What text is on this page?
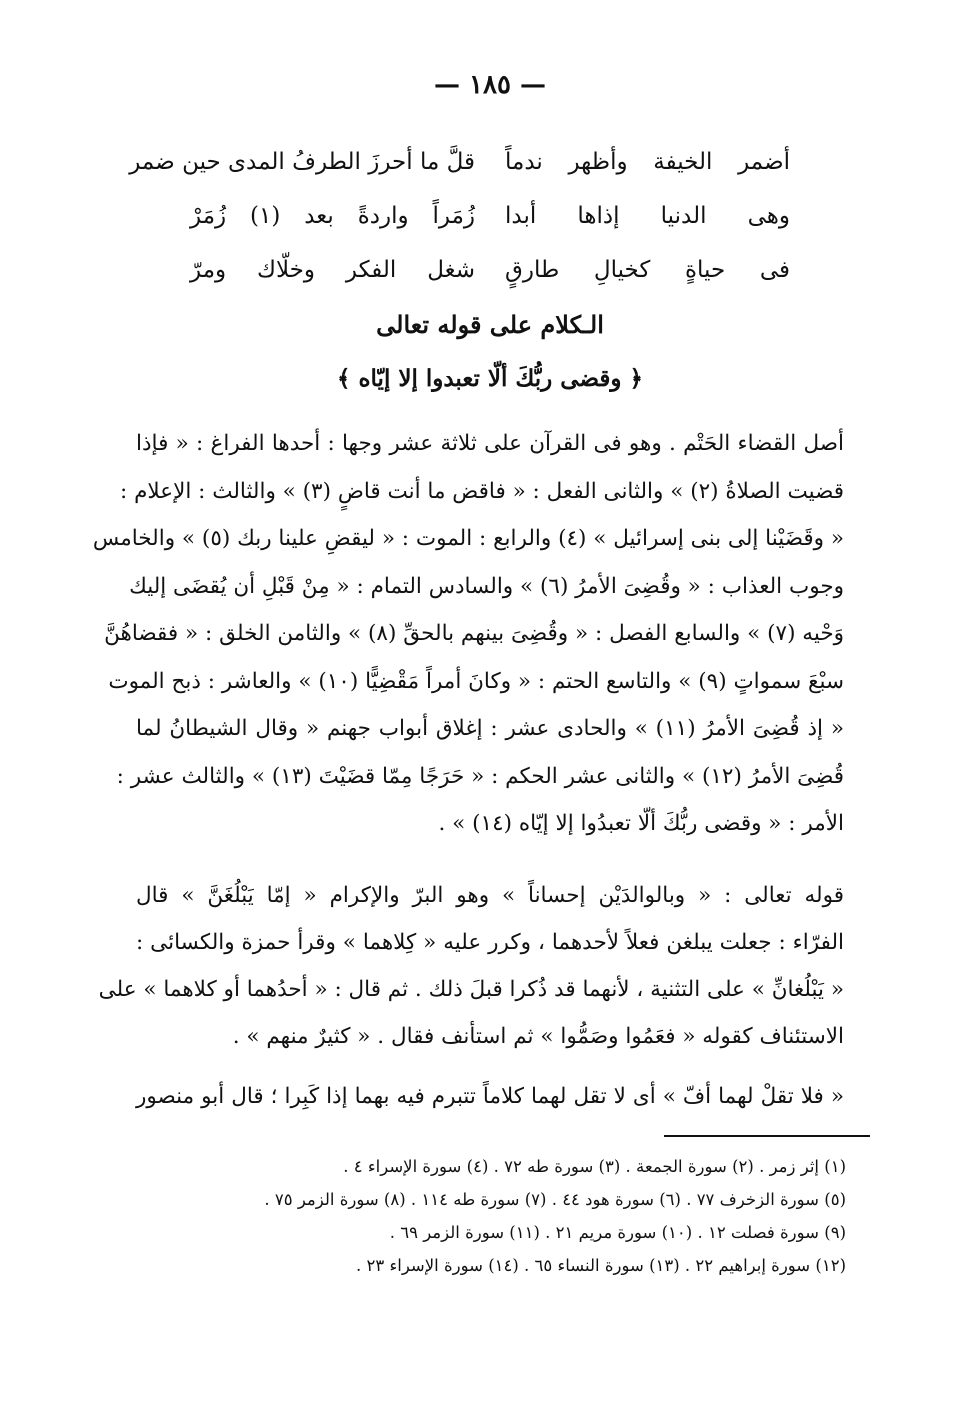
— ١٨٥ —
أضمر الخيفة وأظهر ندماً
قلَّ ما أحرزَ الطرفُ المدى حين ضمر
وهى الدنيا إذاها أبدا
زُمَراً واردةً بعد (١) زُمَرْ
فى حياةٍ كخيالِ طارقٍ
شغل الفكر وخلّاك ومرّ
الـكلام على قوله تعالى
﴿ وقضى ربُّكَ ألّا تعبدوا إلا إيّاه ﴾
أصل القضاء الحَتْم . وهو فى القرآن على ثلاثة عشر وجها : أحدها الفراغ : « فإذا
قضيت الصلاةُ (٢) » والثانى الفعل : « فاقض ما أنت قاضٍ (٣) » والثالث : الإعلام :
« وقَضَيْنا إلى بنى إسرائيل » (٤) والرابع : الموت : « ليقضِ علينا ربك (٥) » والخامس
وجوب العذاب : « وقُضِىَ الأمرُ (٦) » والسادس التمام : « مِنْ قَبْلِ أن يُقضَى إليك
وَحْيه (٧) » والسابع الفصل : « وقُضِىَ بينهم بالحقِّ (٨) » والثامن الخلق : « فقضاهُنَّ
سبْعَ سمواتٍ (٩) » والتاسع الحتم : « وكانَ أمراً مَقْضِيًّا (١٠) » والعاشر : ذبح الموت
« إذ قُضِىَ الأمرُ (١١) » والحادى عشر : إغلاق أبواب جهنم « وقال الشيطانُ لما
قُضِىَ الأمرُ (١٢) » والثانى عشر الحكم : « حَرَجًا مِمّا قضَيْتَ (١٣) » والثالث عشر :
الأمر : « وقضى ربُّكَ ألّا تعبدُوا إلا إيّاه (١٤) » .
قوله تعالى : « وبالوالدَيْن إحساناً » وهو البرّ والإكرام « إمّا يَبْلُغَنَّ » قال
الفرّاء : جعلت يبلغن فعلاً لأحدهما ، وكرر عليه « كِلاهما » وقرأ حمزة والكسائى :
« يَبْلُغانِّ » على التثنية ، لأنهما قد ذُكرا قبلَ ذلك . ثم قال : « أحدُهما أو كلاهما » على
الاستئناف كقوله « فعَمُوا وصَمُّوا » ثم استأنف فقال . « كثيرٌ منهم » .
« فلا تقلْ لهما أفّ » أى لا تقل لهما كلاماً تتبرم فيه بهما إذا كَبِرا ؛ قال أبو منصور
(١) إثر زمر . (٢) سورة الجمعة . (٣) سورة طه ٧٢ . (٤) سورة الإسراء ٤ .
(٥) سورة الزخرف ٧٧ . (٦) سورة هود ٤٤ . (٧) سورة طه ١١٤ . (٨) سورة الزمر ٧٥ .
(٩) سورة فصلت ١٢ . (١٠) سورة مريم ٢١ . (١١) سورة الزمر ٦٩ .
(١٢) سورة إبراهيم ٢٢ . (١٣) سورة النساء ٦٥ . (١٤) سورة الإسراء ٢٣ .
